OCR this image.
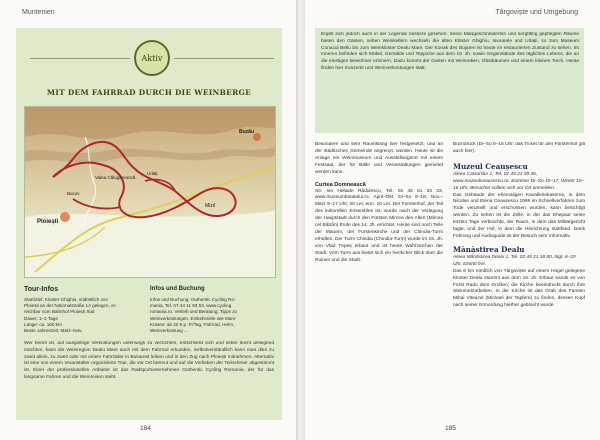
Muntenien
Aktiv
MIT DEM FAHRRAD DURCH DIE WEINBERGE
Ploiești
Buzău
Mizil
Valea Călugărească
Urlați
Bucov
Tour-Infos
Start/Ziel: Kloster Ghighiu, südöstlich von
Ploiești an der Nationalstraße 1A gelegen, er-
reichbar vom Bahnhof Ploiești Süd
Dauer: 1–2 Tage
Länge: ca. 160 km
Beste Jahreszeit: März–Nov.
Infos und Buchung
Infos und Buchung: Outhentic Cycling Ro-
mania, Tel. 07 44 11 93 53, www.cycling
romania.ro. Verleih und Beratung; Tipps zu
Weinverkostungen, Einkehrziele wie Mani-
Kosten: ab 20 € p. P./Tag, Fahrrad, Helm,
Weinverkostung …
Wer bereit ist, auf ausgiebige Verkostungen unterwegs zu verzichten, entschließt sich und lieber leicht anliegend möchten, kann die Weinregion Dealu Mare auch mit dem Fahrrad erkunden. Selbstverständlich kann man dies zu zweit allein, zu zweit oder mit einem Fahrräder in Bukarest leihen und in den Zug nach Ploiești mitnehmen. Alternativ ist eine von einem Veranstalter organisierte Tour, die vor Ort betreut und auf die Vorlieben der Teilnehmer abgestimmt ist. Einer der professionellen Anbieter ist das Radsportunternehmen Outhentic Cycling Romania, der für das langsame Fahren und die Weinreisen steht.
184
Târgoviște und Umgebung
Ergibt sich jedoch auch in der Legende bessere gesehen. Seine Maßgeschneiderten und sorgfältig gepflegten Räume bieten den Gästen, neben Weinkellern wechseln die alten Klöster Ghighiu, Isvoarele und Urlații, so zum Museum Conacul Bellu bis zum Weinkloster Dealu Mare. Der Konak des Bojaren ist heute im restaurierten Zustand zu sehen. Im Inneren befinden sich Möbel, Gemälde und Teppiche aus dem 19. Jh. sowie Gegenstände des täglichen Lebens, die an die einstigen Bewohner erinnern. Dazu kommt der Garten mit Weinreben, Obstbäumen und einem kleinen Teich. Heute finden hier Konzerte und Weinverkostungen statt.
Besondere und sehr Raumklang hier festgesetzt, und an der städtischen Gemeinde angrenzt, werden. Heute ist die Anlage ein Weinmuseum und Ausstellungsort mit einem Festsaal, der für Bälle und Veranstaltungen gemietet werden kann.
Curtea Domnească
Str. Ion Heliade Rădulescu, Tel. 02 45 61 33 33, www.muzeumbotatului.ro, April–Okt. Di–So 9–18, Nov.–März 9–17 Uhr, 20 Lei, erm. 10 Lei. Der Fürstenhof, der Teil des kulturellen Ensembles ist, wurde nach der Verlegung der Hauptstadt durch den Fürsten Mircea den Alten (Mircea cel Bătrân) Ende des 14. Jh. errichtet. Heute sind noch Teile der Mauern, der Fürstenkirche und der Chindia-Turm erhalten. Der Turm Chindia (Chindia-Turm) wurde im 15. Jh. von Vlad Țepeș erbaut und ist heute Wahrzeichen der Stadt. Vom Turm aus bietet sich ein herrlicher Blick über die Ruinen und die Stadt.
Buchdruck (Di–So 8–16 Uhr, das Ticket für den Fürstenhof gilt auch hier).
Muzeul Ceaușescu
Aleea Castanilor 1, Tel. 02 45 21 39 46, www.muzeulceausescu.ro. Sommer Di–So 10–17, Winter 10–16 Uhr; Besucher sollten sich vor Ort anmelden.
Das Gebäude der ehemaligen Kavalleriekaserne, in dem Nicolae und Elena Ceaușescu 1989 im Schnellverfahren zum Tode verurteilt und erschossen wurden, kann besichtigt werden. Zu sehen ist die Zelle, in der das Ehepaar seine letzten Tage verbrachte, der Raum, in dem das Militärgericht tagte, und der Hof, in dem die Hinrichtung stattfand. Dank Führung und Audioguide ist der Besuch sehr informativ.
Mănăstirea Dealu
Aleea Mănăstirea Dealu 1, Tel. 02 45 21 18 80, tägl. 8–20 Uhr, Eintritt frei.
Das 6 km nördlich von Târgoviște auf einem Hügel gelegene Kloster Dealu stammt aus dem 15. Jh. Erbaut wurde es von Fürst Radu dem Großen; die Kirche beeindruckt durch ihre Steinmetzarbeiten. In der Kirche ist das Grab des Fürsten Mihai Viteazul (Michael der Tapfere) zu finden, dessen Kopf nach seiner Ermordung hierher gebracht wurde.
185
